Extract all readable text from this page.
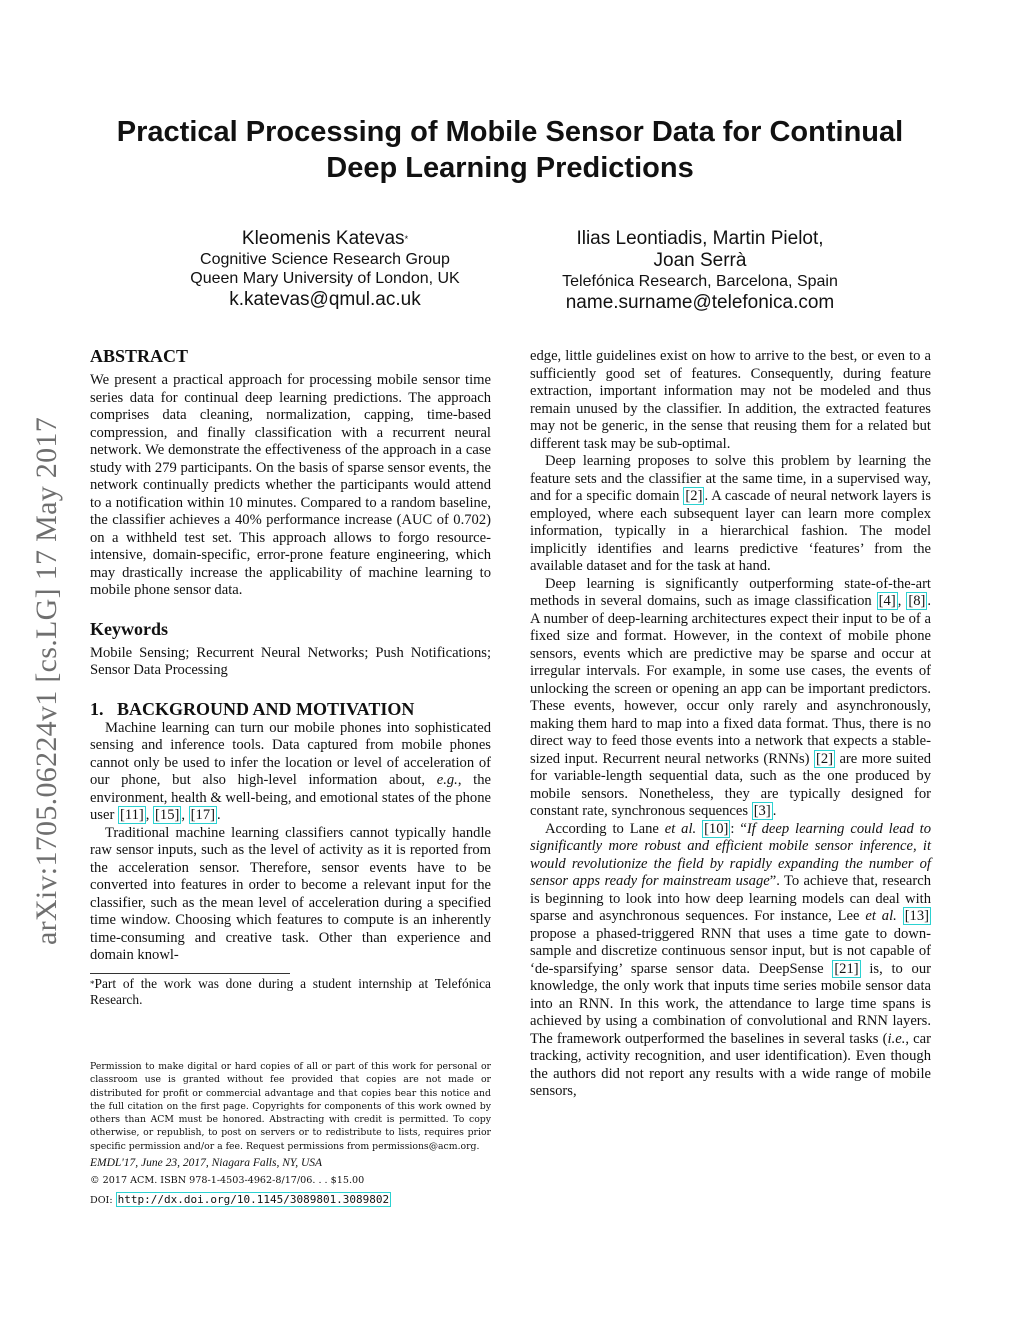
arXiv:1705.06224v1 [cs.LG] 17 May 2017
Practical Processing of Mobile Sensor Data for Continual Deep Learning Predictions
Kleomenis Katevas*
Cognitive Science Research Group
Queen Mary University of London, UK
k.katevas@qmul.ac.uk
Ilias Leontiadis, Martin Pielot,
Joan Serrà
Telefónica Research, Barcelona, Spain
name.surname@telefonica.com
ABSTRACT

We present a practical approach for processing mobile sensor time series data for continual deep learning predictions. The approach comprises data cleaning, normalization, capping, time-based compression, and finally classification with a recurrent neural network. We demonstrate the effectiveness of the approach in a case study with 279 participants. On the basis of sparse sensor events, the network continually predicts whether the participants would attend to a notification within 10 minutes. Compared to a random baseline, the classifier achieves a 40% performance increase (AUC of 0.702) on a withheld test set. This approach allows to forgo resource-intensive, domain-specific, error-prone feature engineering, which may drastically increase the applicability of machine learning to mobile phone sensor data.

Keywords

Mobile Sensing; Recurrent Neural Networks; Push Notifications; Sensor Data Processing

1.   BACKGROUND AND MOTIVATION

Machine learning can turn our mobile phones into sophisticated sensing and inference tools. Data captured from mobile phones cannot only be used to infer the location or level of acceleration of our phone, but also high-level information about, e.g., the environment, health & well-being, and emotional states of the phone user [11] , [15] , [17] .

Traditional machine learning classifiers cannot typically handle raw sensor inputs, such as the level of activity as it is reported from the acceleration sensor. Therefore, sensor events have to be converted into features in order to become a relevant input for the classifier, such as the mean level of acceleration during a specified time window. Choosing which features to compute is an inherently time-consuming and creative task. Other than experience and domain knowl-

*Part of the work was done during a student internship at Telefónica Research.

Permission to make digital or hard copies of all or part of this work for personal or classroom use is granted without fee provided that copies are not made or distributed for profit or commercial advantage and that copies bear this notice and the full citation on the first page. Copyrights for components of this work owned by others than ACM must be honored. Abstracting with credit is permitted. To copy otherwise, or republish, to post on servers or to redistribute to lists, requires prior specific permission and/or a fee. Request permissions from permissions@acm.org.
EMDL'17, June 23, 2017, Niagara Falls, NY, USA
© 2017 ACM. ISBN 978-1-4503-4962-8/17/06. . . $15.00
DOI: http://dx.doi.org/10.1145/3089801.3089802

edge, little guidelines exist on how to arrive to the best, or even to a sufficiently good set of features. Consequently, during feature extraction, important information may not be modeled and thus remain unused by the classifier. In addition, the extracted features may not be generic, in the sense that reusing them for a related but different task may be sub-optimal.

Deep learning proposes to solve this problem by learning the feature sets and the classifier at the same time, in a supervised way, and for a specific domain [2] . A cascade of neural network layers is employed, where each subsequent layer can learn more complex information, typically in a hierarchical fashion. The model implicitly identifies and learns predictive ‘features’ from the available dataset and for the task at hand.

Deep learning is significantly outperforming state-of-the-art methods in several domains, such as image classification [4] , [8] . A number of deep-learning architectures expect their input to be of a fixed size and format. However, in the context of mobile phone sensors, events which are predictive may be sparse and occur at irregular intervals. For example, in some use cases, the events of unlocking the screen or opening an app can be important predictors. These events, however, occur only rarely and asynchronously, making them hard to map into a fixed data format. Thus, there is no direct way to feed those events into a network that expects a stable-sized input. Recurrent neural networks (RNNs) [2] are more suited for variable-length sequential data, such as the one produced by mobile sensors. Nonetheless, they are typically designed for constant rate, synchronous sequences [3] .

According to Lane et al. [10] : “If deep learning could lead to significantly more robust and efficient mobile sensor inference, it would revolutionize the field by rapidly expanding the number of sensor apps ready for mainstream usage”. To achieve that, research is beginning to look into how deep learning models can deal with sparse and asynchronous sequences. For instance, Lee et al. [13] propose a phased-triggered RNN that uses a time gate to down-sample and discretize continuous sensor input, but is not capable of ‘de-sparsifying’ sparse sensor data. DeepSense [21] is, to our knowledge, the only work that inputs time series mobile sensor data into an RNN. In this work, the attendance to large time spans is achieved by using a combination of convolutional and RNN layers. The framework outperformed the baselines in several tasks (i.e., car tracking, activity recognition, and user identification). Even though the authors did not report any results with a wide range of mobile sensors,
